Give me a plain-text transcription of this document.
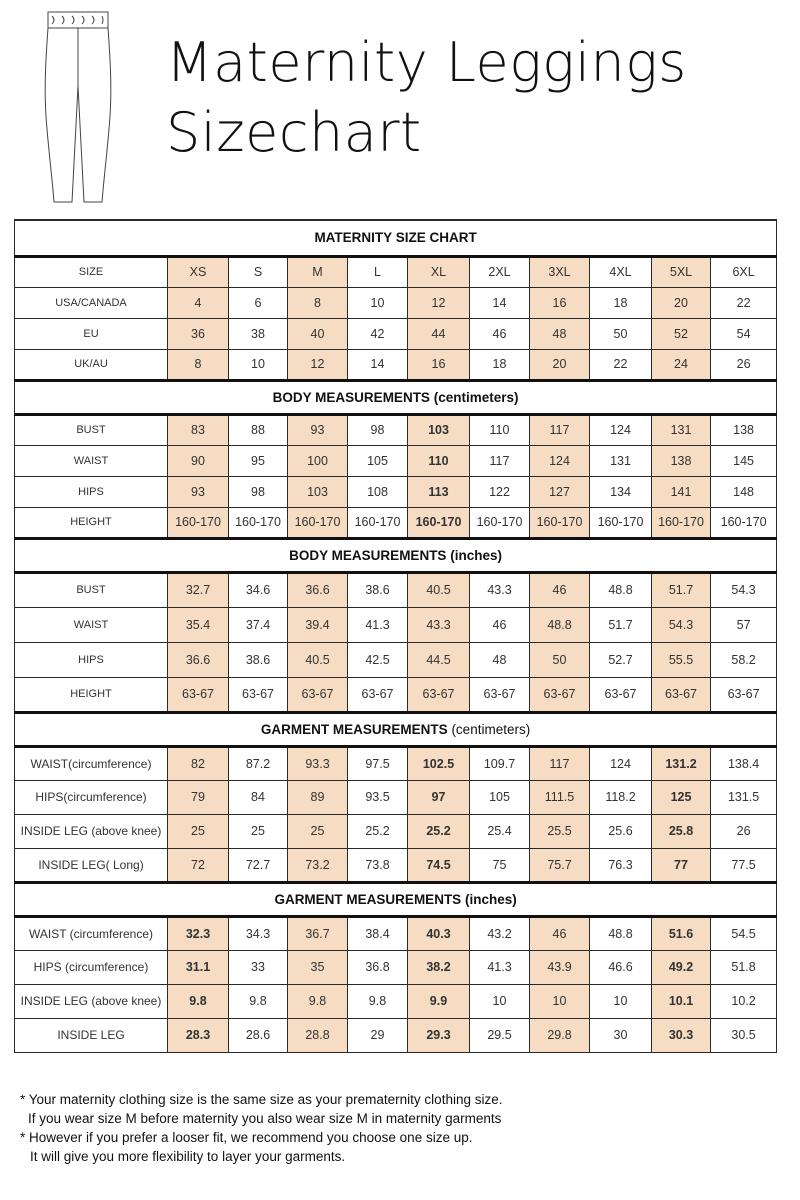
Maternity Leggings
Sizechart
MATERNITY SIZE CHART										
SIZE	XS	S	M	L	XL	2XL	3XL	4XL	5XL	6XL
USA/CANADA	4	6	8	10	12	14	16	18	20	22
EU	36	38	40	42	44	46	48	50	52	54
UK/AU	8	10	12	14	16	18	20	22	24	26
BODY MEASUREMENTS (centimeters)										
BUST	83	88	93	98	103	110	117	124	131	138
WAIST	90	95	100	105	110	117	124	131	138	145
HIPS	93	98	103	108	113	122	127	134	141	148
HEIGHT	160-170	160-170	160-170	160-170	160-170	160-170	160-170	160-170	160-170	160-170
BODY MEASUREMENTS (inches)										
BUST	32.7	34.6	36.6	38.6	40.5	43.3	46	48.8	51.7	54.3
WAIST	35.4	37.4	39.4	41.3	43.3	46	48.8	51.7	54.3	57
HIPS	36.6	38.6	40.5	42.5	44.5	48	50	52.7	55.5	58.2
HEIGHT	63-67	63-67	63-67	63-67	63-67	63-67	63-67	63-67	63-67	63-67
GARMENT MEASUREMENTS (centimeters)										
WAIST(circumference)	82	87.2	93.3	97.5	102.5	109.7	117	124	131.2	138.4
HIPS(circumference)	79	84	89	93.5	97	105	111.5	118.2	125	131.5
INSIDE LEG (above knee)	25	25	25	25.2	25.2	25.4	25.5	25.6	25.8	26
INSIDE LEG( Long)	72	72.7	73.2	73.8	74.5	75	75.7	76.3	77	77.5
GARMENT MEASUREMENTS (inches)										
WAIST (circumference)	32.3	34.3	36.7	38.4	40.3	43.2	46	48.8	51.6	54.5
HIPS (circumference)	31.1	33	35	36.8	38.2	41.3	43.9	46.6	49.2	51.8
INSIDE LEG (above knee)	9.8	9.8	9.8	9.8	9.9	10	10	10	10.1	10.2
INSIDE LEG	28.3	28.6	28.8	29	29.3	29.5	29.8	30	30.3	30.5
* Your maternity clothing size is the same size as your prematernity clothing size.
If you wear size M before maternity you also wear size M in maternity garments
* However if you prefer a looser fit, we recommend you choose one size up.
It will give you more flexibility to layer your garments.
